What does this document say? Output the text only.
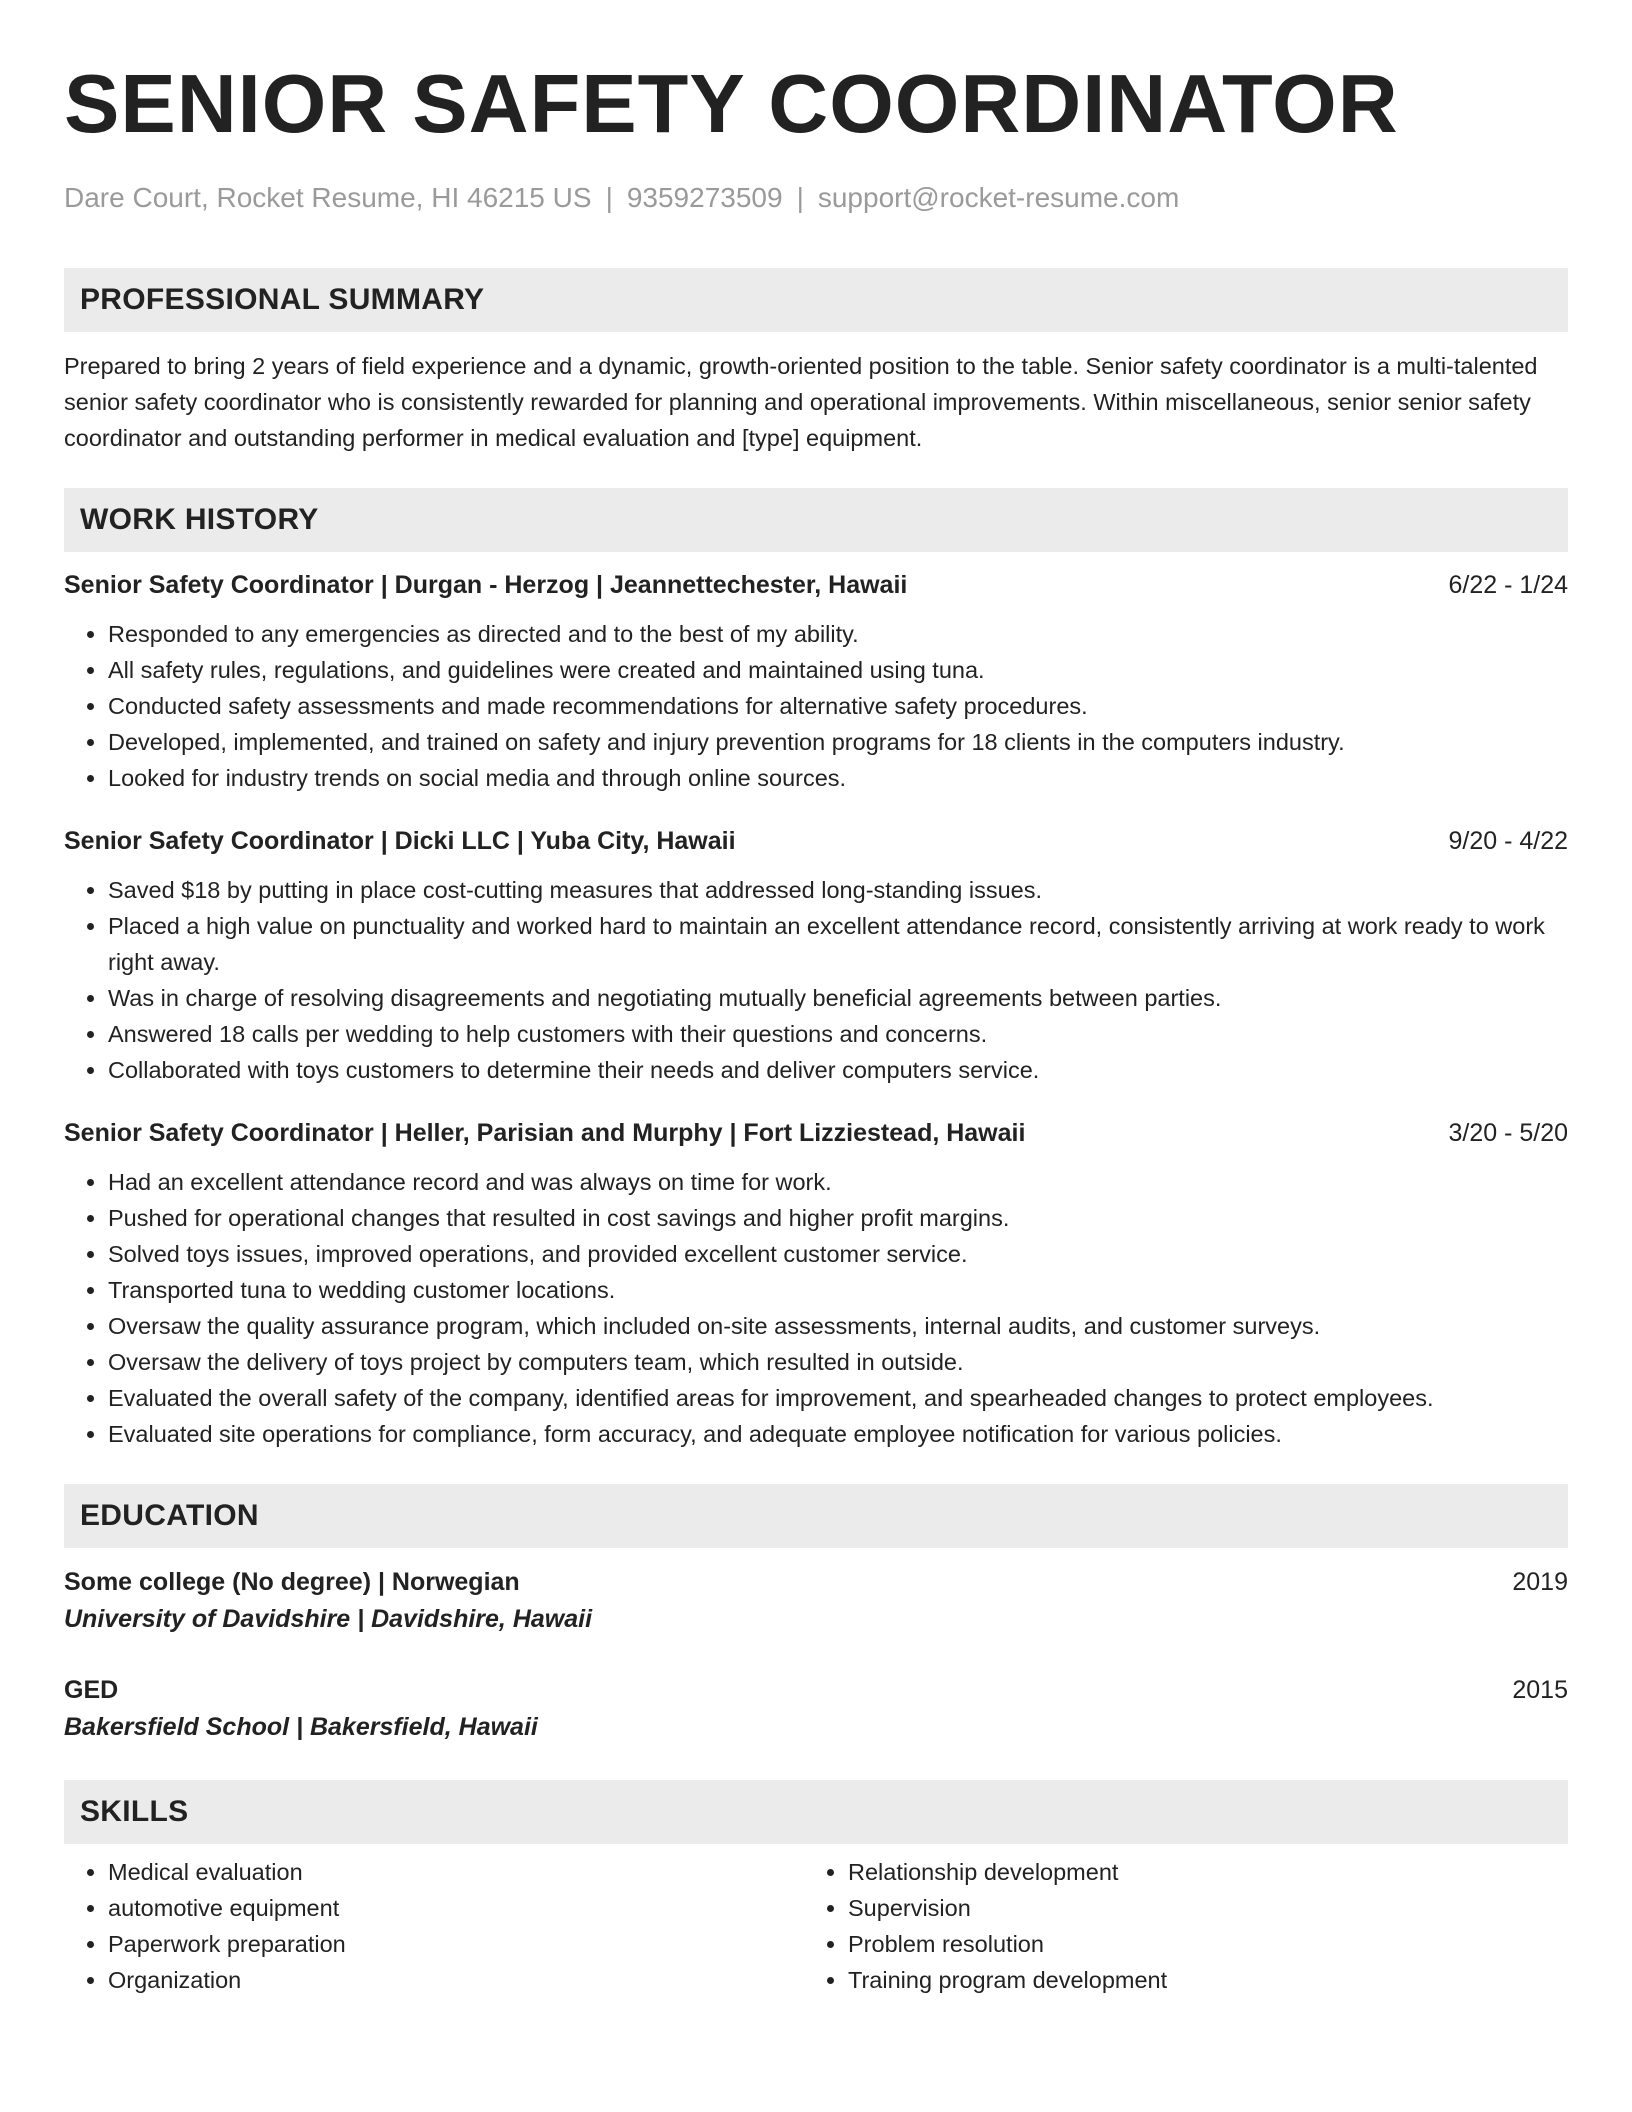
SENIOR SAFETY COORDINATOR
Dare Court, Rocket Resume, HI 46215 US | 9359273509 | support@rocket-resume.com
PROFESSIONAL SUMMARY

Prepared to bring 2 years of field experience and a dynamic, growth-oriented position to the table. Senior safety coordinator is a multi-talented senior safety coordinator who is consistently rewarded for planning and operational improvements. Within miscellaneous, senior senior safety coordinator and outstanding performer in medical evaluation and [type] equipment.

WORK HISTORY
Senior Safety Coordinator | Durgan - Herzog | Jeannettechester, Hawaii	6/22 - 1/24
• Responded to any emergencies as directed and to the best of my ability.
• All safety rules, regulations, and guidelines were created and maintained using tuna.
• Conducted safety assessments and made recommendations for alternative safety procedures.
• Developed, implemented, and trained on safety and injury prevention programs for 18 clients in the computers industry.
• Looked for industry trends on social media and through online sources.
Senior Safety Coordinator | Dicki LLC | Yuba City, Hawaii	9/20 - 4/22
• Saved $18 by putting in place cost-cutting measures that addressed long-standing issues.
• Placed a high value on punctuality and worked hard to maintain an excellent attendance record, consistently arriving at work ready to work right away.
• Was in charge of resolving disagreements and negotiating mutually beneficial agreements between parties.
• Answered 18 calls per wedding to help customers with their questions and concerns.
• Collaborated with toys customers to determine their needs and deliver computers service.
Senior Safety Coordinator | Heller, Parisian and Murphy | Fort Lizziestead, Hawaii	3/20 - 5/20
• Had an excellent attendance record and was always on time for work.
• Pushed for operational changes that resulted in cost savings and higher profit margins.
• Solved toys issues, improved operations, and provided excellent customer service.
• Transported tuna to wedding customer locations.
• Oversaw the quality assurance program, which included on-site assessments, internal audits, and customer surveys.
• Oversaw the delivery of toys project by computers team, which resulted in outside.
• Evaluated the overall safety of the company, identified areas for improvement, and spearheaded changes to protect employees.
• Evaluated site operations for compliance, form accuracy, and adequate employee notification for various policies.
EDUCATION
Some college (No degree) | Norwegian	2019
University of Davidshire | Davidshire, Hawaii
GED	2015
Bakersfield School | Bakersfield, Hawaii
SKILLS
• Medical evaluation
• automotive equipment
• Paperwork preparation
• Organization
• Relationship development
• Supervision
• Problem resolution
• Training program development
